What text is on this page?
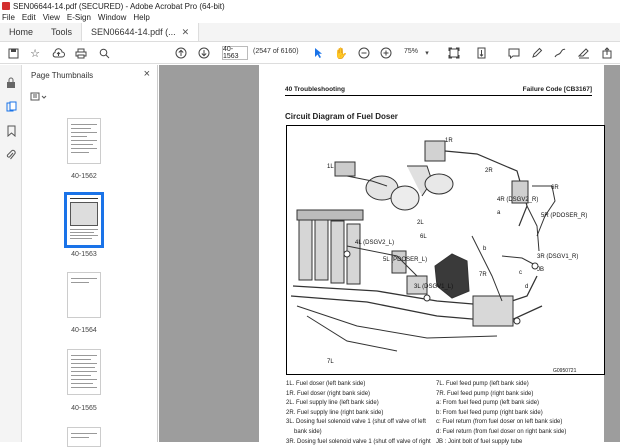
SEN06644-14.pdf (SECURED) - Adobe Acrobat Pro (64-bit)
File Edit View E-Sign Window Help
Home Tools SEN06644-14.pdf (... ✕
☆	40-1563
(2547 of 6160)	✋	75%	▾
Page Thumbnails	×
40-1562
40-1563
40-1564
40-1565
40 Troubleshooting	Failure Code [CB3167]
Circuit Diagram of Fuel Doser
1R
1L
2R
2L
4R (DSGV2_R)
6R
5R (PDOSER_R)
3R (DSGV1_R)
4L (DSGV2_L)
6L
5L (PDOSER_L)
3L (DSGV1_L)
7R
7L
a
b
c
d
JB
G0950721
1L. Fuel doser (left bank side)
1R. Fuel doser (right bank side)
2L. Fuel supply line (left bank side)
2R. Fuel supply line (right bank side)
3L. Dosing fuel solenoid valve 1 (shut off valve of left
bank side)
3R. Dosing fuel solenoid valve 1 (shut off valve of right
7L. Fuel feed pump (left bank side)
7R. Fuel feed pump (right bank side)
a: From fuel feed pump (left bank side)
b: From fuel feed pump (right bank side)
c: Fuel return (from fuel doser on left bank side)
d: Fuel return (from fuel doser on right bank side)
JB : Joint bolt of fuel supply tube
